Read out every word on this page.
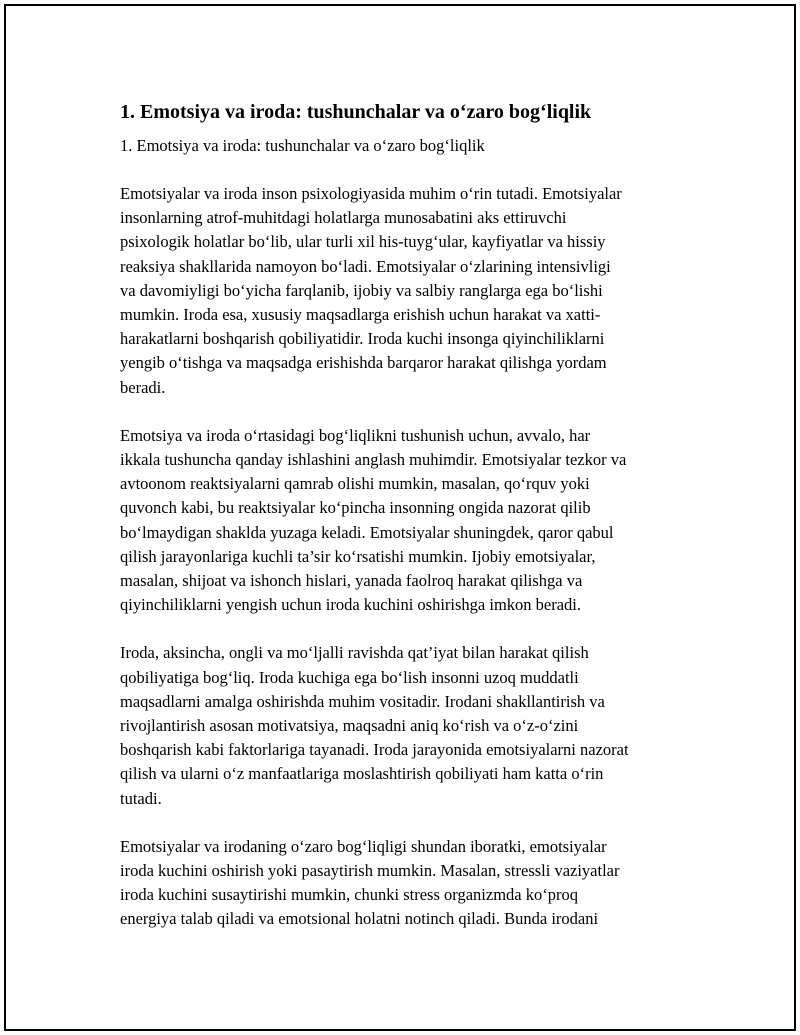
1. Emotsiya va iroda: tushunchalar va o‘zaro bog‘liqlik
1. Emotsiya va iroda: tushunchalar va o‘zaro bog‘liqlik
Emotsiyalar va iroda inson psixologiyasida muhim o‘rin tutadi. Emotsiyalar
insonlarning atrof-muhitdagi holatlarga munosabatini aks ettiruvchi
psixologik holatlar bo‘lib, ular turli xil his-tuyg‘ular, kayfiyatlar va hissiy
reaksiya shakllarida namoyon bo‘ladi. Emotsiyalar o‘zlarining intensivligi
va davomiyligi bo‘yicha farqlanib, ijobiy va salbiy ranglarga ega bo‘lishi
mumkin. Iroda esa, xususiy maqsadlarga erishish uchun harakat va xatti-
harakatlarni boshqarish qobiliyatidir. Iroda kuchi insonga qiyinchiliklarni
yengib o‘tishga va maqsadga erishishda barqaror harakat qilishga yordam
beradi.
Emotsiya va iroda o‘rtasidagi bog‘liqlikni tushunish uchun, avvalo, har
ikkala tushuncha qanday ishlashini anglash muhimdir. Emotsiyalar tezkor va
avtoonom reaktsiyalarni qamrab olishi mumkin, masalan, qo‘rquv yoki
quvonch kabi, bu reaktsiyalar ko‘pincha insonning ongida nazorat qilib
bo‘lmaydigan shaklda yuzaga keladi. Emotsiyalar shuningdek, qaror qabul
qilish jarayonlariga kuchli ta’sir ko‘rsatishi mumkin. Ijobiy emotsiyalar,
masalan, shijoat va ishonch hislari, yanada faolroq harakat qilishga va
qiyinchiliklarni yengish uchun iroda kuchini oshirishga imkon beradi.
Iroda, aksincha, ongli va mo‘ljalli ravishda qat’iyat bilan harakat qilish
qobiliyatiga bog‘liq. Iroda kuchiga ega bo‘lish insonni uzoq muddatli
maqsadlarni amalga oshirishda muhim vositadir. Irodani shakllantirish va
rivojlantirish asosan motivatsiya, maqsadni aniq ko‘rish va o‘z-o‘zini
boshqarish kabi faktorlariga tayanadi. Iroda jarayonida emotsiyalarni nazorat
qilish va ularni o‘z manfaatlariga moslashtirish qobiliyati ham katta o‘rin
tutadi.
Emotsiyalar va irodaning o‘zaro bog‘liqligi shundan iboratki, emotsiyalar
iroda kuchini oshirish yoki pasaytirish mumkin. Masalan, stressli vaziyatlar
iroda kuchini susaytirishi mumkin, chunki stress organizmda ko‘proq
energiya talab qiladi va emotsional holatni notinch qiladi. Bunda irodani
